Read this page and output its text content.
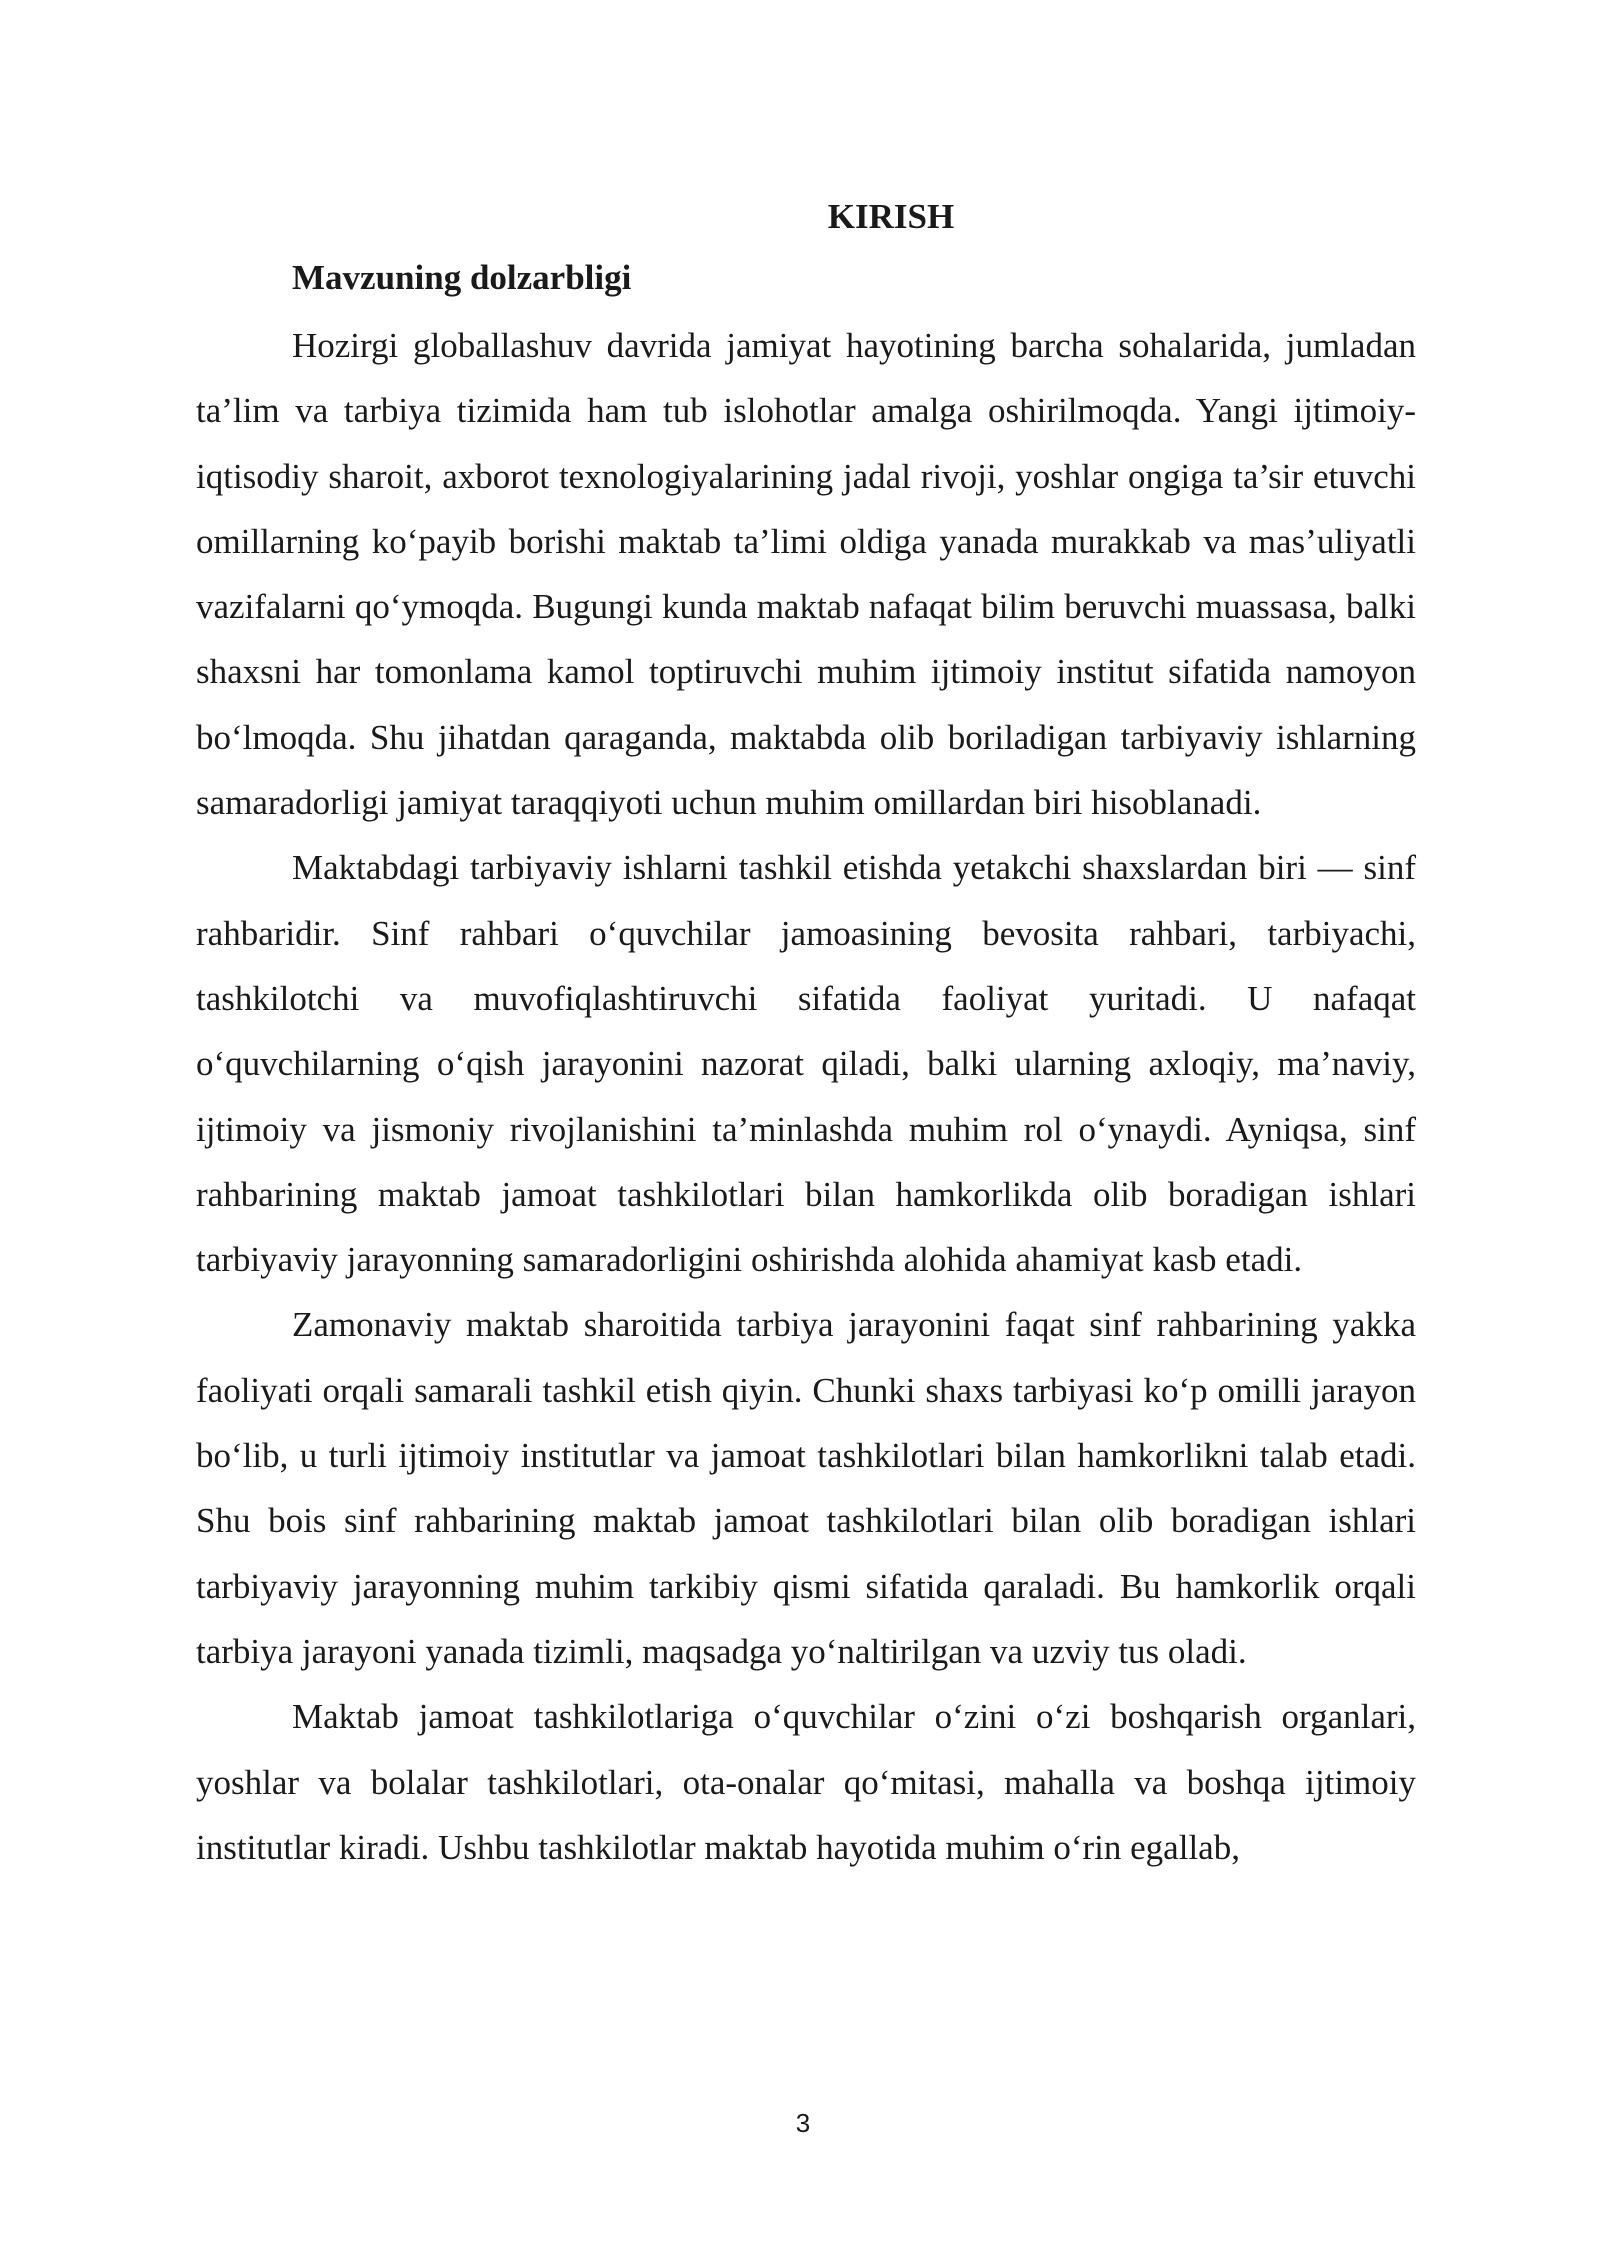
KIRISH
Mavzuning dolzarbligi

Hozirgi globallashuv davrida jamiyat hayotining barcha sohalarida, jumladan ta’lim va tarbiya tizimida ham tub islohotlar amalga oshirilmoqda. Yangi ijtimoiy-iqtisodiy sharoit, axborot texnologiyalarining jadal rivoji, yoshlar ongiga ta’sir etuvchi omillarning ko‘payib borishi maktab ta’limi oldiga yanada murakkab va mas’uliyatli vazifalarni qo‘ymoqda. Bugungi kunda maktab nafaqat bilim beruvchi muassasa, balki shaxsni har tomonlama kamol toptiruvchi muhim ijtimoiy institut sifatida namoyon bo‘lmoqda. Shu jihatdan qaraganda, maktabda olib boriladigan tarbiyaviy ishlarning samaradorligi jamiyat taraqqiyoti uchun muhim omillardan biri hisoblanadi.

Maktabdagi tarbiyaviy ishlarni tashkil etishda yetakchi shaxslardan biri — sinf rahbaridir. Sinf rahbari o‘quvchilar jamoasining bevosita rahbari, tarbiyachi, tashkilotchi va muvofiqlashtiruvchi sifatida faoliyat yuritadi. U nafaqat o‘quvchilarning o‘qish jarayonini nazorat qiladi, balki ularning axloqiy, ma’naviy, ijtimoiy va jismoniy rivojlanishini ta’minlashda muhim rol o‘ynaydi. Ayniqsa, sinf rahbarining maktab jamoat tashkilotlari bilan hamkorlikda olib boradigan ishlari tarbiyaviy jarayonning samaradorligini oshirishda alohida ahamiyat kasb etadi.

Zamonaviy maktab sharoitida tarbiya jarayonini faqat sinf rahbarining yakka faoliyati orqali samarali tashkil etish qiyin. Chunki shaxs tarbiyasi ko‘p omilli jarayon bo‘lib, u turli ijtimoiy institutlar va jamoat tashkilotlari bilan hamkorlikni talab etadi. Shu bois sinf rahbarining maktab jamoat tashkilotlari bilan olib boradigan ishlari tarbiyaviy jarayonning muhim tarkibiy qismi sifatida qaraladi. Bu hamkorlik orqali tarbiya jarayoni yanada tizimli, maqsadga yo‘naltirilgan va uzviy tus oladi.

Maktab jamoat tashkilotlariga o‘quvchilar o‘zini o‘zi boshqarish organlari, yoshlar va bolalar tashkilotlari, ota-onalar qo‘mitasi, mahalla va boshqa ijtimoiy institutlar kiradi. Ushbu tashkilotlar maktab hayotida muhim o‘rin egallab,

3
